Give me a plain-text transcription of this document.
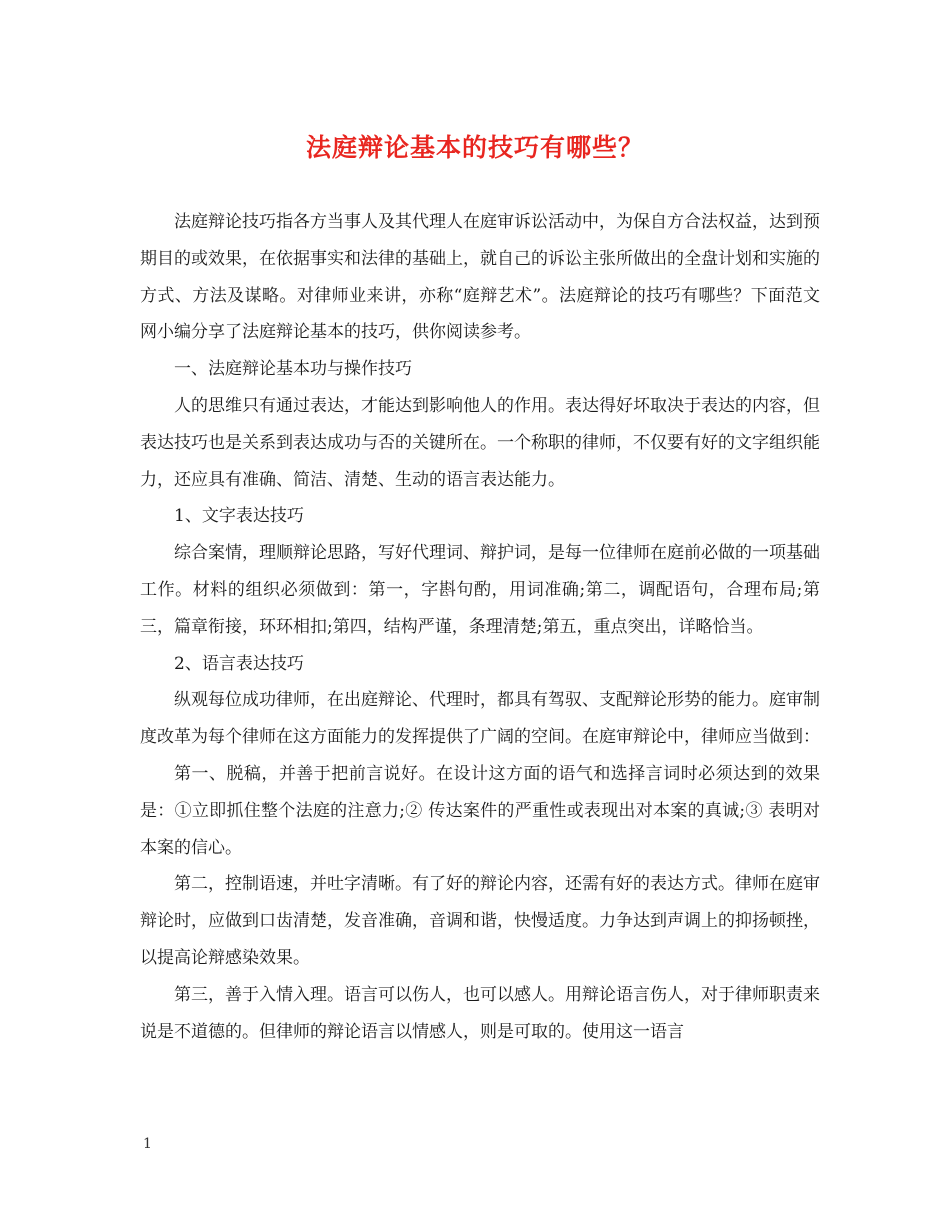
法庭辩论基本的技巧有哪些？

法庭辩论技巧指各方当事人及其代理人在庭审诉讼活动中，为保自方合法权益，达到预期目的或效果，在依据事实和法律的基础上，就自己的诉讼主张所做出的全盘计划和实施的方式、方法及谋略。对律师业来讲，亦称“庭辩艺术”。法庭辩论的技巧有哪些？下面范文网小编分享了法庭辩论基本的技巧，供你阅读参考。

一、法庭辩论基本功与操作技巧

人的思维只有通过表达，才能达到影响他人的作用。表达得好坏取决于表达的内容，但表达技巧也是关系到表达成功与否的关键所在。一个称职的律师，不仅要有好的文字组织能力，还应具有准确、简洁、清楚、生动的语言表达能力。

1、文字表达技巧

综合案情，理顺辩论思路，写好代理词、辩护词，是每一位律师在庭前必做的一项基础工作。材料的组织必须做到：第一，字斟句酌，用词准确;第二，调配语句，合理布局;第三，篇章衔接，环环相扣;第四，结构严谨，条理清楚;第五，重点突出，详略恰当。

2、语言表达技巧

纵观每位成功律师，在出庭辩论、代理时，都具有驾驭、支配辩论形势的能力。庭审制度改革为每个律师在这方面能力的发挥提供了广阔的空间。在庭审辩论中，律师应当做到：

第一、脱稿，并善于把前言说好。在设计这方面的语气和选择言词时必须达到的效果是：①立即抓住整个法庭的注意力;② 传达案件的严重性或表现出对本案的真诚;③ 表明对本案的信心。

第二，控制语速，并吐字清晰。有了好的辩论内容，还需有好的表达方式。律师在庭审辩论时，应做到口齿清楚，发音准确，音调和谐，快慢适度。力争达到声调上的抑扬顿挫，以提高论辩感染效果。

第三，善于入情入理。语言可以伤人，也可以感人。用辩论语言伤人，对于律师职责来说是不道德的。但律师的辩论语言以情感人，则是可取的。使用这一语言

1
